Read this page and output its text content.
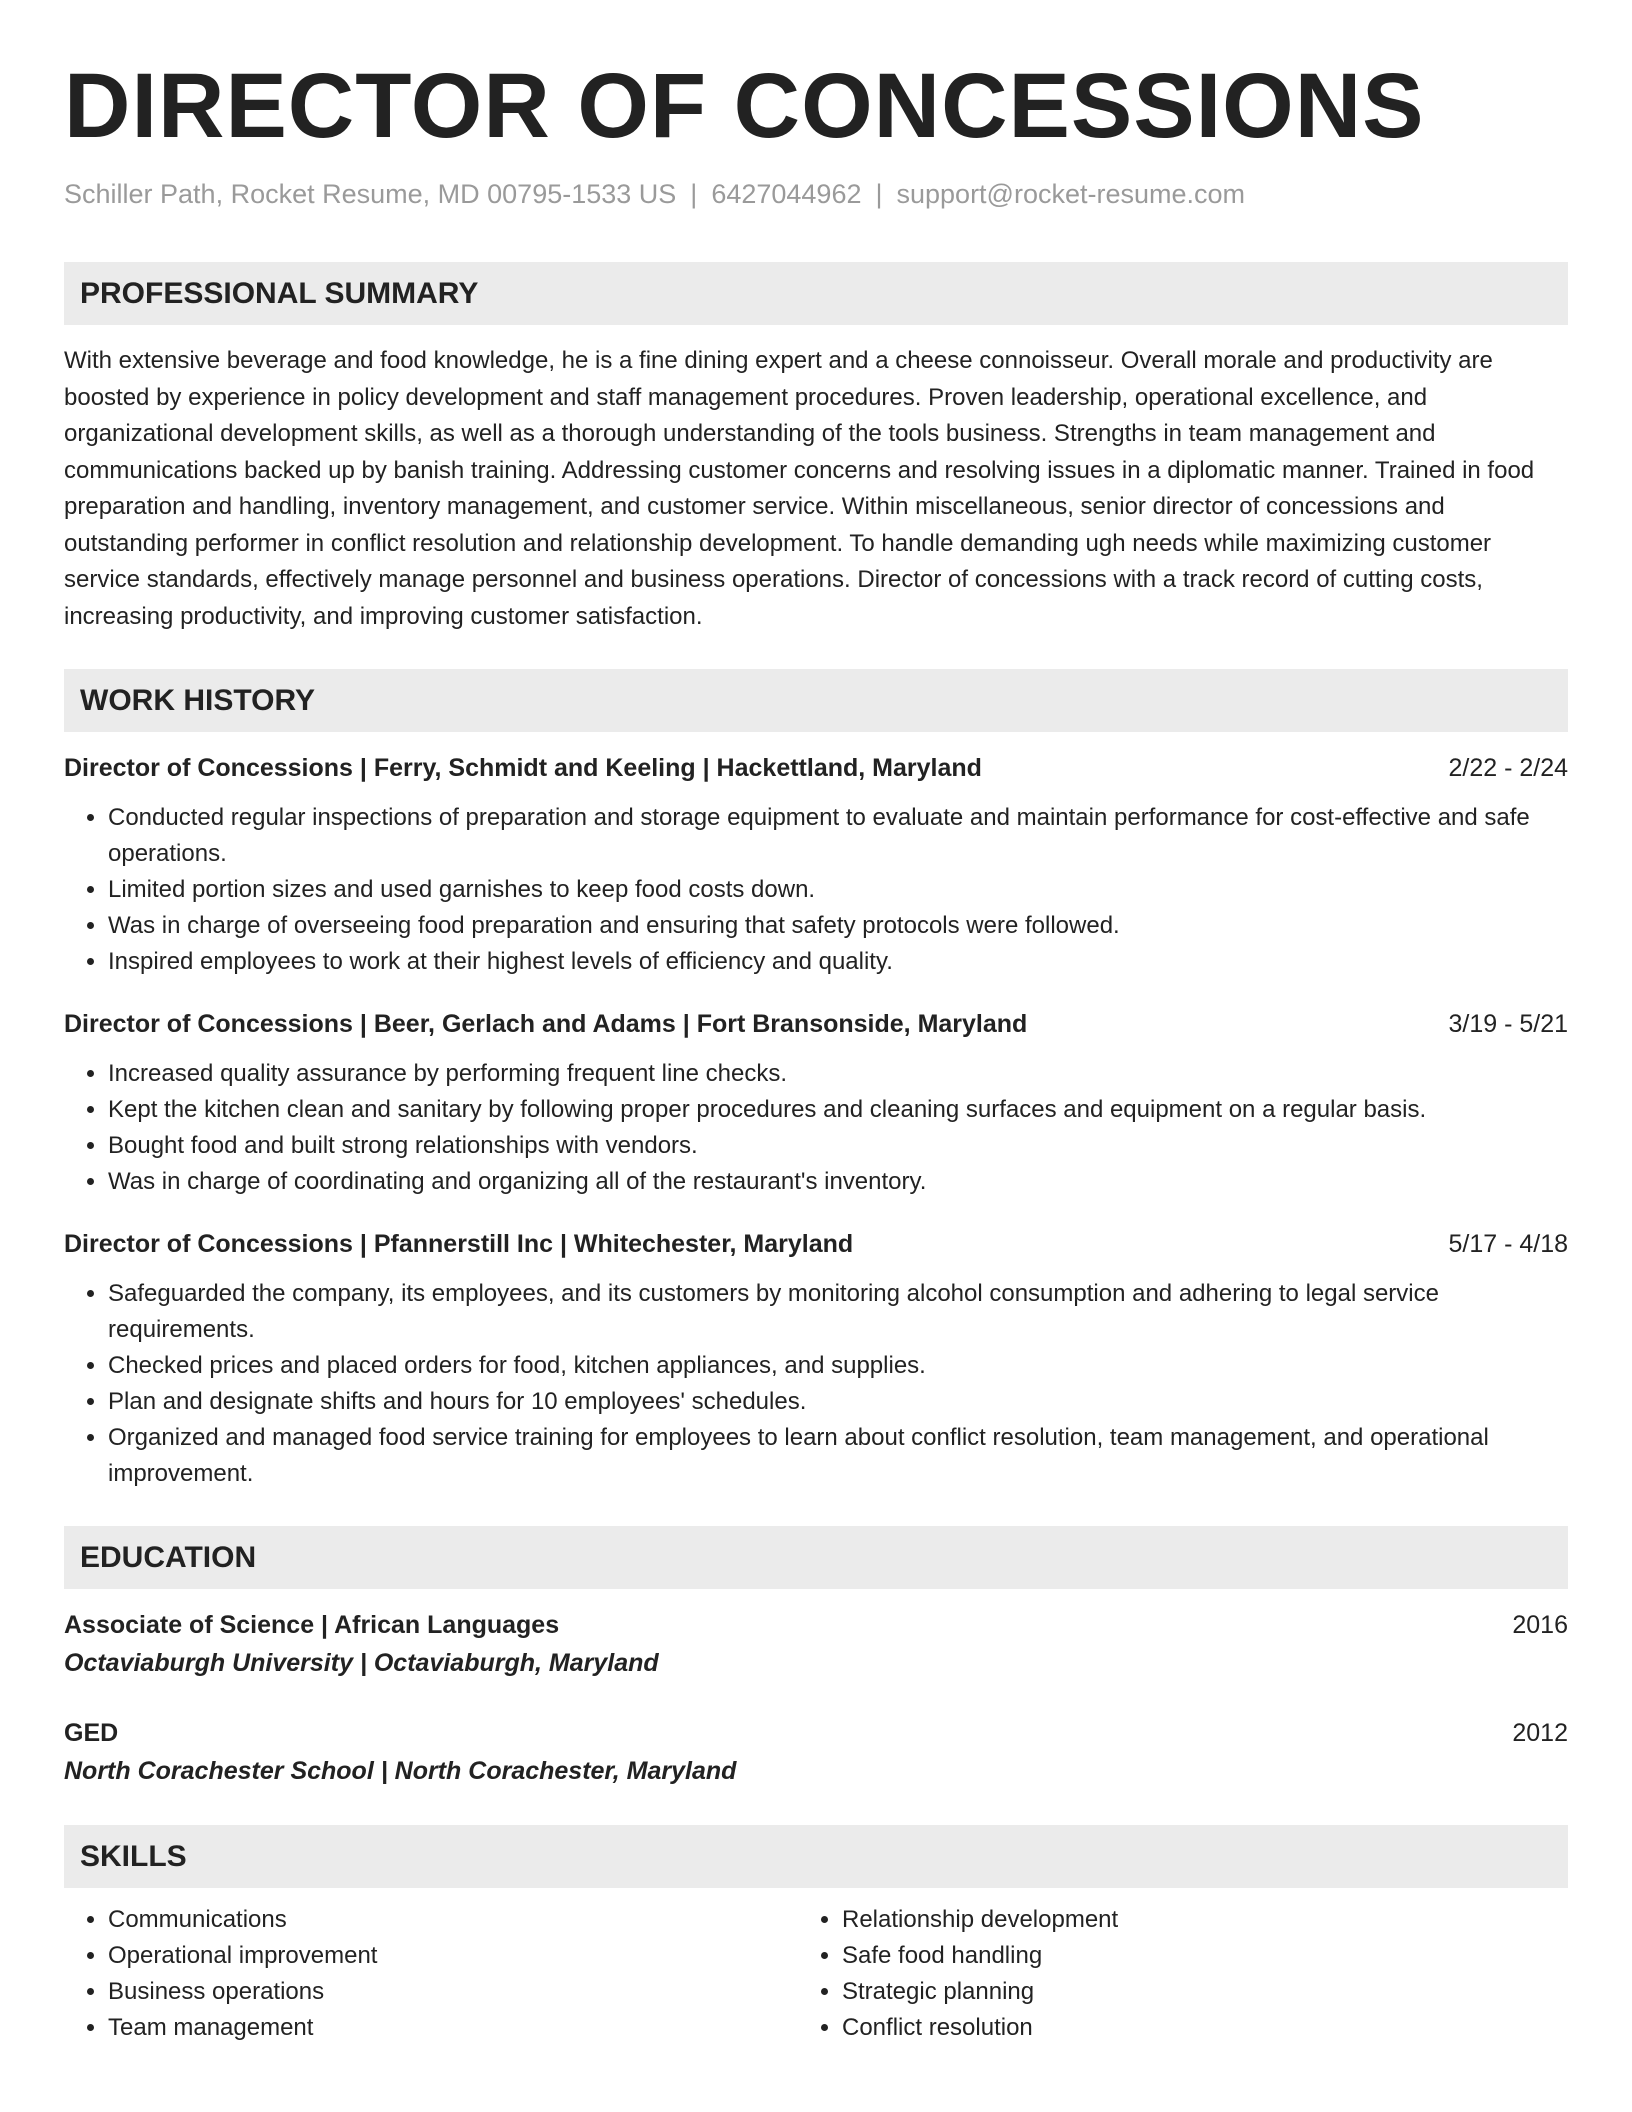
DIRECTOR OF CONCESSIONS
Schiller Path, Rocket Resume, MD 00795-1533 US | 6427044962 | support@rocket-resume.com
PROFESSIONAL SUMMARY

With extensive beverage and food knowledge, he is a fine dining expert and a cheese connoisseur. Overall morale and productivity are boosted by experience in policy development and staff management procedures. Proven leadership, operational excellence, and organizational development skills, as well as a thorough understanding of the tools business. Strengths in team management and communications backed up by banish training. Addressing customer concerns and resolving issues in a diplomatic manner. Trained in food preparation and handling, inventory management, and customer service. Within miscellaneous, senior director of concessions and outstanding performer in conflict resolution and relationship development. To handle demanding ugh needs while maximizing customer service standards, effectively manage personnel and business operations. Director of concessions with a track record of cutting costs, increasing productivity, and improving customer satisfaction.

WORK HISTORY
Director of Concessions | Ferry, Schmidt and Keeling | Hackettland, Maryland	2/22 - 2/24
• Conducted regular inspections of preparation and storage equipment to evaluate and maintain performance for cost-effective and safe operations.
• Limited portion sizes and used garnishes to keep food costs down.
• Was in charge of overseeing food preparation and ensuring that safety protocols were followed.
• Inspired employees to work at their highest levels of efficiency and quality.
Director of Concessions | Beer, Gerlach and Adams | Fort Bransonside, Maryland	3/19 - 5/21
• Increased quality assurance by performing frequent line checks.
• Kept the kitchen clean and sanitary by following proper procedures and cleaning surfaces and equipment on a regular basis.
• Bought food and built strong relationships with vendors.
• Was in charge of coordinating and organizing all of the restaurant's inventory.
Director of Concessions | Pfannerstill Inc | Whitechester, Maryland	5/17 - 4/18
• Safeguarded the company, its employees, and its customers by monitoring alcohol consumption and adhering to legal service requirements.
• Checked prices and placed orders for food, kitchen appliances, and supplies.
• Plan and designate shifts and hours for 10 employees' schedules.
• Organized and managed food service training for employees to learn about conflict resolution, team management, and operational improvement.
EDUCATION
Associate of Science | African Languages	2016
Octaviaburgh University | Octaviaburgh, Maryland
GED	2012
North Corachester School | North Corachester, Maryland
SKILLS
• Communications
• Operational improvement
• Business operations
• Team management
• Relationship development
• Safe food handling
• Strategic planning
• Conflict resolution
